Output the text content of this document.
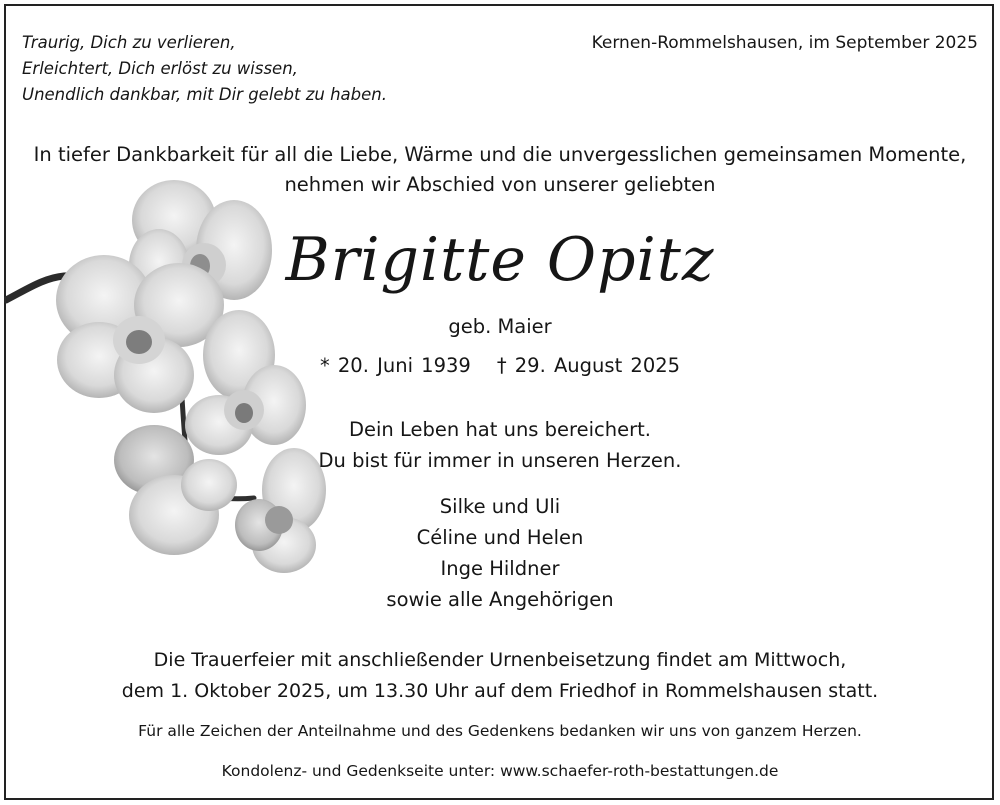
Traurig, Dich zu verlieren,
Erleichtert, Dich erlöst zu wissen,
Unendlich dankbar, mit Dir gelebt zu haben.
Kernen-Rommelshausen, im September 2025
In tiefer Dankbarkeit für all die Liebe, Wärme und die unvergesslichen gemeinsamen Momente,
nehmen wir Abschied von unserer geliebten
Brigitte Opitz
geb. Maier
* 20. Juni 1939 † 29. August 2025
Dein Leben hat uns bereichert.
Du bist für immer in unseren Herzen.
Silke und Uli
Céline und Helen
Inge Hildner
sowie alle Angehörigen
Die Trauerfeier mit anschließender Urnenbeisetzung findet am Mittwoch,
dem 1. Oktober 2025, um 13.30 Uhr auf dem Friedhof in Rommelshausen statt.
Für alle Zeichen der Anteilnahme und des Gedenkens bedanken wir uns von ganzem Herzen.
Kondolenz- und Gedenkseite unter: www.schaefer-roth-bestattungen.de
